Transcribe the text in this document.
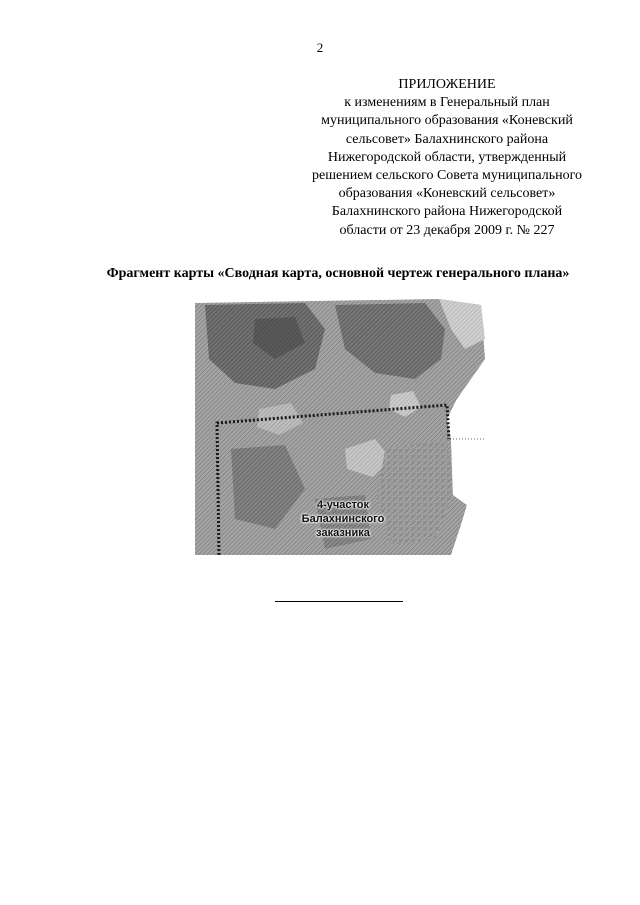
2
ПРИЛОЖЕНИЕ
к изменениям в Генеральный план
муниципального образования «Коневский
сельсовет» Балахнинского района
Нижегородской области, утвержденный
решением сельского Совета муниципального
образования «Коневский сельсовет»
Балахнинского района Нижегородской
области от 23 декабря 2009 г. № 227
Фрагмент карты «Сводная карта, основной чертеж генерального плана»
4-участок
Балахнинского
заказника
